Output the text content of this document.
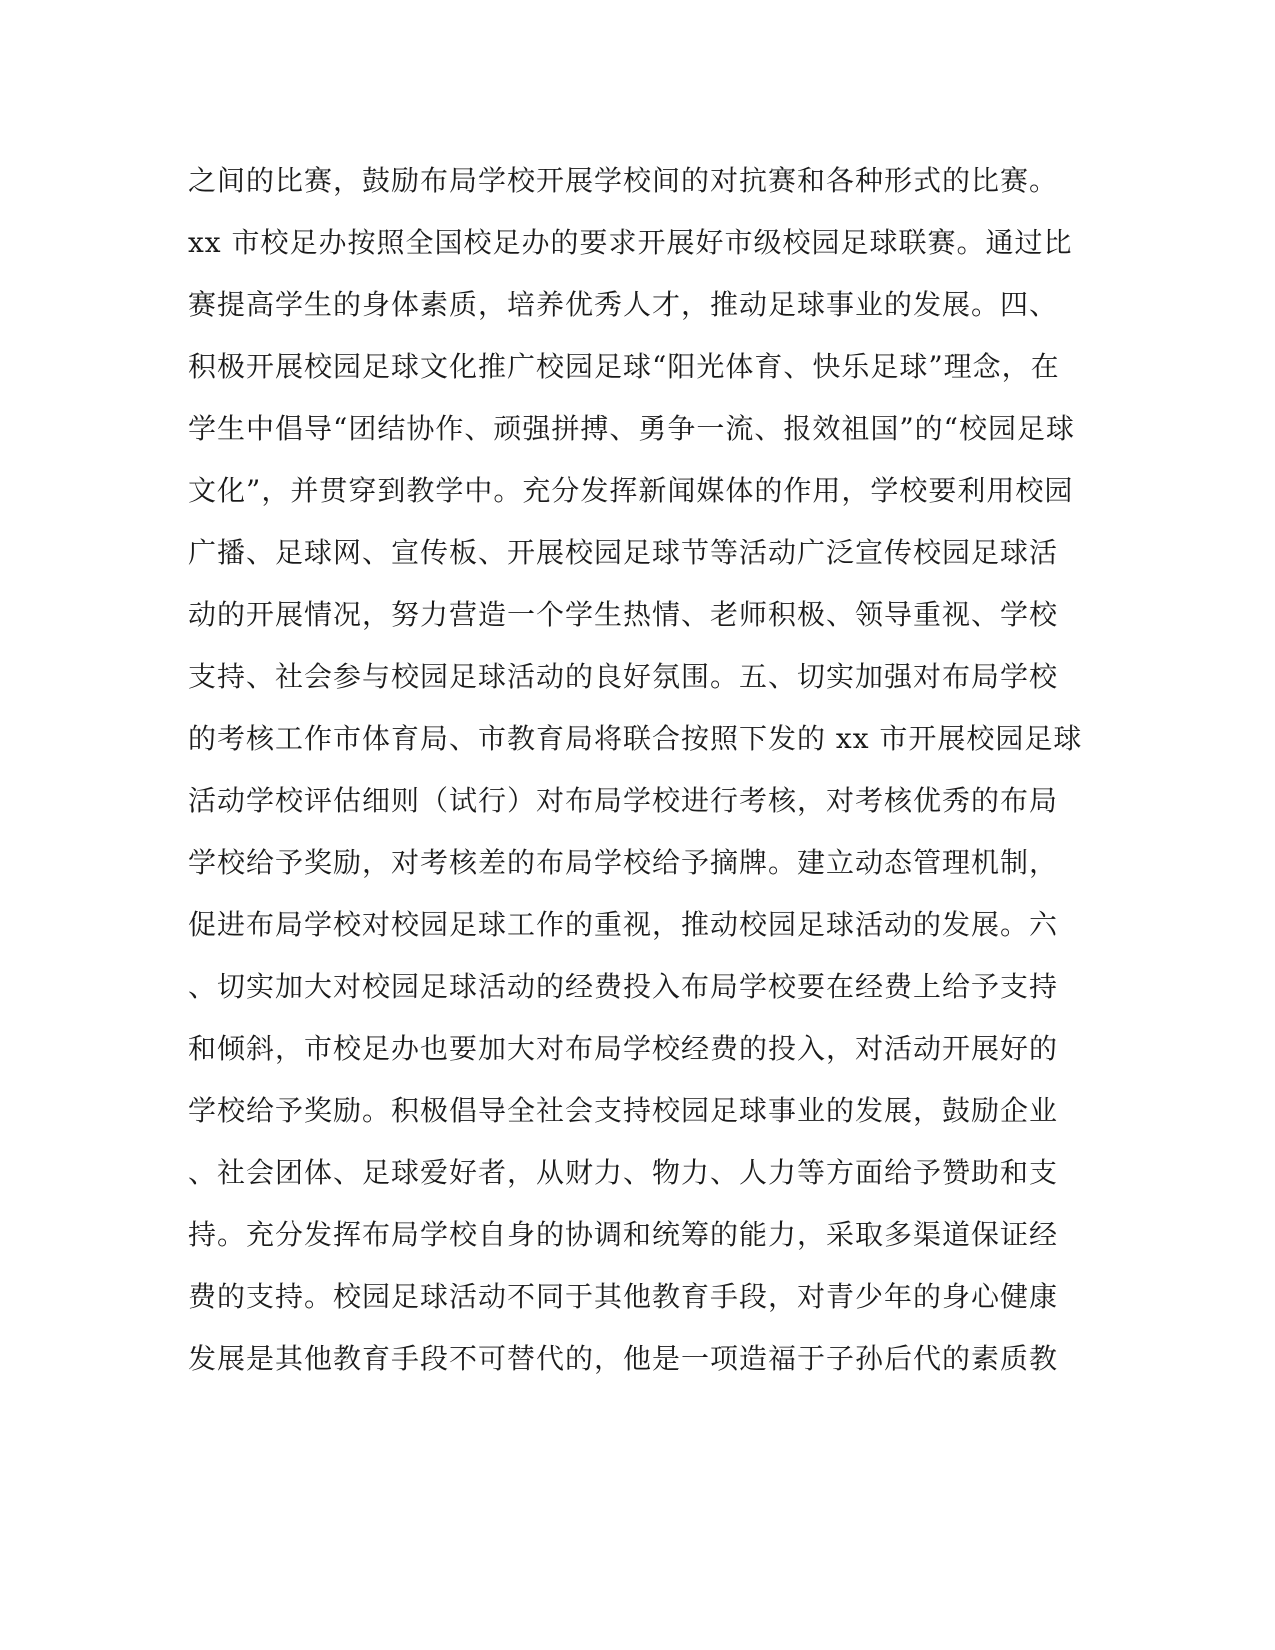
之间的比赛，鼓励布局学校开展学校间的对抗赛和各种形式的比赛。
xx 市校足办按照全国校足办的要求开展好市级校园足球联赛。通过比
赛提高学生的身体素质，培养优秀人才，推动足球事业的发展。四、
积极开展校园足球文化推广校园足球“阳光体育、快乐足球”理念，在
学生中倡导“团结协作、顽强拼搏、勇争一流、报效祖国”的“校园足球
文化”，并贯穿到教学中。充分发挥新闻媒体的作用，学校要利用校园
广播、足球网、宣传板、开展校园足球节等活动广泛宣传校园足球活
动的开展情况，努力营造一个学生热情、老师积极、领导重视、学校
支持、社会参与校园足球活动的良好氛围。五、切实加强对布局学校
的考核工作市体育局、市教育局将联合按照下发的 xx 市开展校园足球
活动学校评估细则（试行）对布局学校进行考核，对考核优秀的布局
学校给予奖励，对考核差的布局学校给予摘牌。建立动态管理机制，
促进布局学校对校园足球工作的重视，推动校园足球活动的发展。六
、切实加大对校园足球活动的经费投入布局学校要在经费上给予支持
和倾斜，市校足办也要加大对布局学校经费的投入，对活动开展好的
学校给予奖励。积极倡导全社会支持校园足球事业的发展，鼓励企业
、社会团体、足球爱好者，从财力、物力、人力等方面给予赞助和支
持。充分发挥布局学校自身的协调和统筹的能力，采取多渠道保证经
费的支持。校园足球活动不同于其他教育手段，对青少年的身心健康
发展是其他教育手段不可替代的，他是一项造福于子孙后代的素质教
